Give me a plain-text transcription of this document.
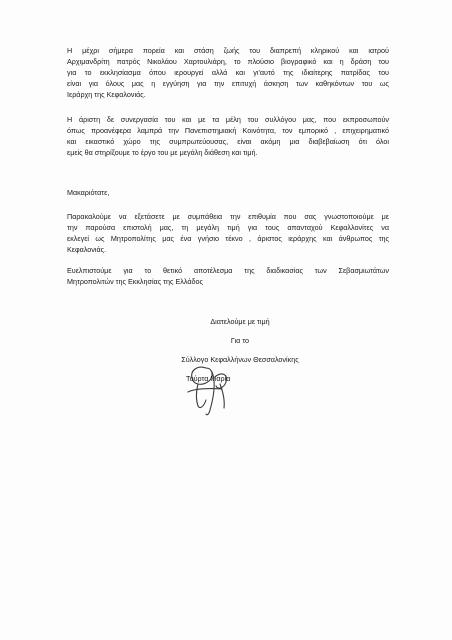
Η μέχρι σήμερα πορεία και στάση ζωής του διαπρεπή κληρικού και ιατρού
Αρχιμανδρίτη πατρός Νικολάου Χαρτουλιάρη, το πλούσιο βιογραφικό και η δράση του
για το εκκλησίασμα όπου ιερουργεί αλλά και γι'αυτό της ιδιαίτερης πατρίδας του
είναι για όλους μας η εγγύηση για την επιτυχή άσκηση των καθηκόντων του ως
Ιεράρχη της Κεφαλονιάς.
Η άριστη δε συνεργασία του και με τα μέλη του συλλόγου μας, που εκπροσωπούν
όπως προανέφερα λαμπρά την Πανεπιστημιακή Κοινότητα, τον εμπορικό , επιχειρηματικό
και εικαστικό χώρο της συμπρωτεύουσας, είναι ακόμη μια διαβεβαίωση ότι όλοι
εμείς θα στηρίξουμε το έργο του με μεγάλη διάθεση και τιμή.
Μακαριότατε,
Παρακαλούμε να εξετάσετε με συμπάθεια την επιθυμία που σας γνωστοποιούμε με
την παρούσα επιστολή μας, τη μεγάλη τιμή για τους απανταχού Κεφαλλονίτες να
εκλεγεί ως Μητροπολίτης μας ένα γνήσιο τέκνο , άριστος ιεράρχης και άνθρωπος της
Κεφαλονιάς.
Ευελπιστούμε για το θετικό αποτέλεσμα της διαδικασίας των Σεβασμιωτάτων
Μητροπολιτών της Εκκλησίας της Ελλάδος
Διατελούμε με τιμή
Για το
Σύλλογο Κεφαλλήνων Θεσσαλονίκης
Τούρτα Μαρία
